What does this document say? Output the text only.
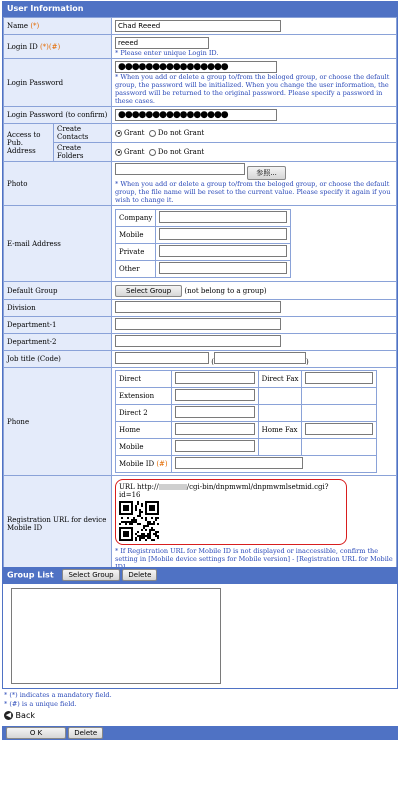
User Information
Name (*)	Chad Reeed
Login ID (*)(#)	reeed
* Please enter unique Login ID.
Login Password	
●●●●●●●●●●●●●●●●
* When you add or delete a group to/from the beloged group, or choose the default group, the password will be initialized. When you change the user information, the password will be returned to the original password. Please specify a password in these cases.

Login Password (to confirm)	●●●●●●●●●●●●●●●●

Access to Pub. Address	Create Contacts	Grant Do not Grant
Create Folders	Grant Do not Grant
Photo	参照...
* When you add or delete a group to/from the beloged group, or choose the default group, the file name will be reset to the current value. Please specify it again if you wish to change it.

E-mail Address	
Company	
Mobile	
Private	
Other	

Default Group	Select Group (not belong to a group)
Division	
Department-1	
Department-2	
Job title (Code)	(	)
Phone	
Direct		Direct Fax	
Extension			
Direct 2			
Home		Home Fax	
Mobile			
Mobile ID (#)	

Registration URL for device Mobile ID	
URL http://	/cgi-bin/dnpmwml/dnpmwmlsetmid.cgi?id=16
* If Registration URL for Mobile ID is not displayed or inaccessible, confirm the setting in [Mobile device settings for Mobile version] - [Registration URL for Mobile
Group List Select Group Delete
* (*) indicates a mandatory field.
* (#) is a unique field.
◀ Back
O K	Delete
